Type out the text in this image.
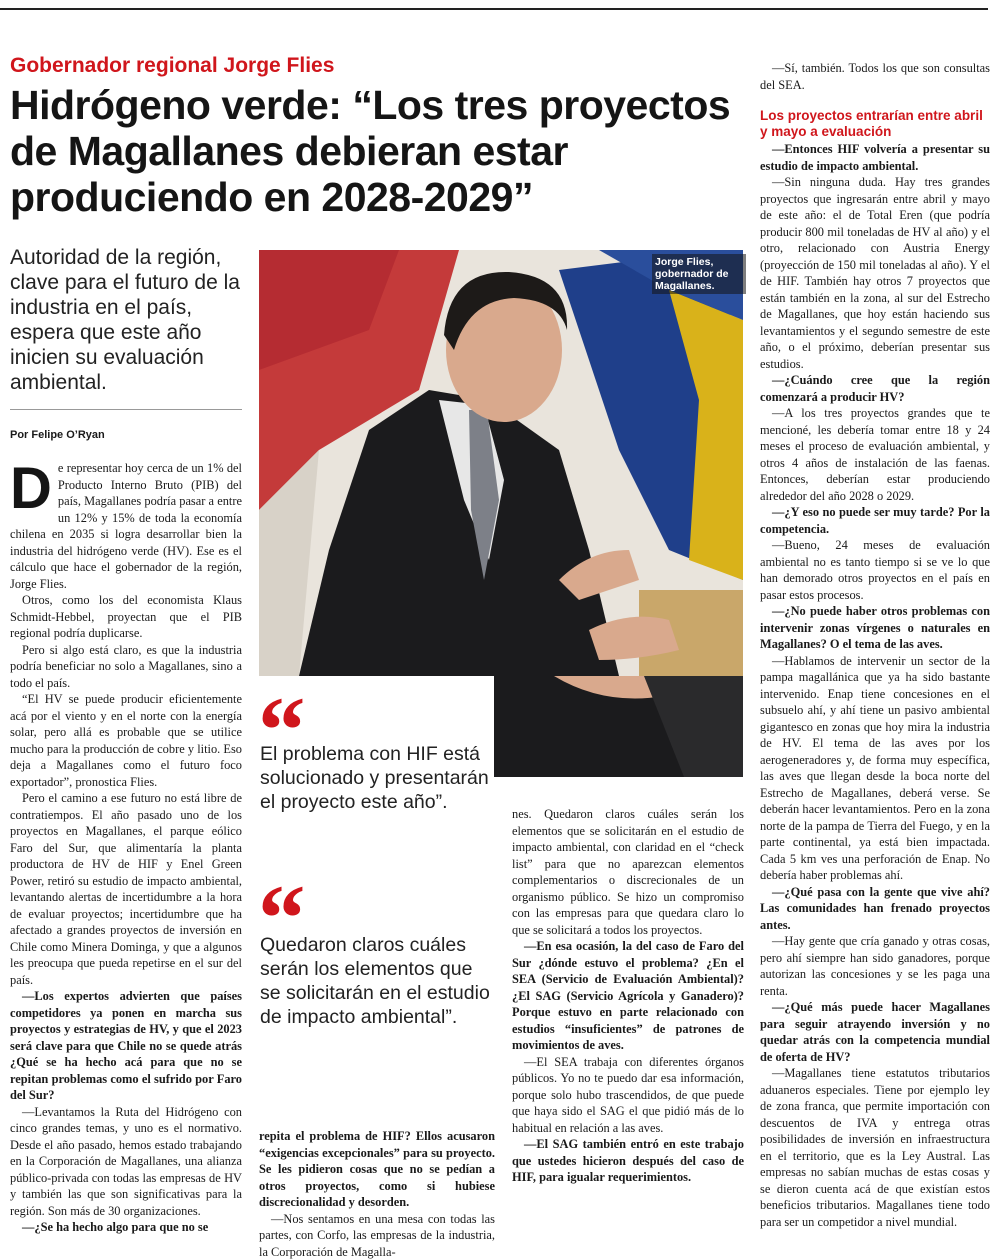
Gobernador regional Jorge Flies
Hidrógeno verde: “Los tres proyectos de Magallanes debieran estar produciendo en 2028-2029”
Autoridad de la región, clave para el futuro de la industria en el país, espera que este año inicien su evaluación ambiental.
Por Felipe O’Ryan
Jorge Flies, gobernador de Magallanes.
D e representar hoy cerca de un 1% del Producto Interno Bruto (PIB) del país, Magallanes podría pasar a entre un 12% y 15% de toda la economía chilena en 2035 si logra desarrollar bien la industria del hidrógeno verde (HV). Ese es el cálculo que hace el gobernador de la región, Jorge Flies.

Otros, como los del economista Klaus Schmidt-Hebbel, proyectan que el PIB regional podría duplicarse.

Pero si algo está claro, es que la industria podría beneficiar no solo a Magallanes, sino a todo el país.

“El HV se puede producir eficientemente acá por el viento y en el norte con la energía solar, pero allá es probable que se utilice mucho para la producción de cobre y litio. Eso deja a Magallanes como el futuro foco exportador”, pronostica Flies.

Pero el camino a ese futuro no está libre de contratiempos. El año pasado uno de los proyectos en Magallanes, el parque eólico Faro del Sur, que alimentaría la planta productora de HV de HIF y Enel Green Power, retiró su estudio de impacto ambiental, levantando alertas de incertidumbre a la hora de evaluar proyectos; incertidumbre que ha afectado a grandes proyectos de inversión en Chile como Minera Dominga, y que a algunos les preocupa que pueda repetirse en el sur del país.

—Los expertos advierten que países competidores ya ponen en marcha sus proyectos y estrategias de HV, y que el 2023 será clave para que Chile no se quede atrás ¿Qué se ha hecho acá para que no se repitan problemas como el sufrido por Faro del Sur?

—Levantamos la Ruta del Hidrógeno con cinco grandes temas, y uno es el normativo. Desde el año pasado, hemos estado trabajando en la Corporación de Magallanes, una alianza público-privada con todas las empresas de HV y también las que son significativas para la región. Son más de 30 organizaciones.

—¿Se ha hecho algo para que no se

“
El problema con HIF está solucionado y presentarán el proyecto este año”.
“
Quedaron claros cuáles serán los elementos que se solicitarán en el estudio de impacto ambiental”.

repita el problema de HIF? Ellos acusaron “exigencias excepcionales” para su proyecto. Se les pidieron cosas que no se pedían a otros proyectos, como si hubiese discrecionalidad y desorden.

—Nos sentamos en una mesa con todas las partes, con Corfo, las empresas de la industria, la Corporación de Magalla-

nes. Quedaron claros cuáles serán los elementos que se solicitarán en el estudio de impacto ambiental, con claridad en el “check list” para que no aparezcan elementos complementarios o discrecionales de un organismo público. Se hizo un compromiso con las empresas para que quedara claro lo que se solicitará a todos los proyectos.

—En esa ocasión, la del caso de Faro del Sur ¿dónde estuvo el problema? ¿En el SEA (Servicio de Evaluación Ambiental)? ¿El SAG (Servicio Agrícola y Ganadero)? Porque estuvo en parte relacionado con estudios “insuficientes” de patrones de movimientos de aves.

—El SEA trabaja con diferentes órganos públicos. Yo no te puedo dar esa información, porque solo hubo trascendidos, de que puede que haya sido el SAG el que pidió más de lo habitual en relación a las aves.

—El SAG también entró en este trabajo que ustedes hicieron después del caso de HIF, para igualar requerimientos.

—Sí, también. Todos los que son consultas del SEA.

Los proyectos entrarían entre abril y mayo a evaluación

—Entonces HIF volvería a presentar su estudio de impacto ambiental.

—Sin ninguna duda. Hay tres grandes proyectos que ingresarán entre abril y mayo de este año: el de Total Eren (que podría producir 800 mil toneladas de HV al año) y el otro, relacionado con Austria Energy (proyección de 150 mil toneladas al año). Y el de HIF. También hay otros 7 proyectos que están también en la zona, al sur del Estrecho de Magallanes, que hoy están haciendo sus levantamientos y el segundo semestre de este año, o el próximo, deberían presentar sus estudios.

—¿Cuándo cree que la región comenzará a producir HV?

—A los tres proyectos grandes que te mencioné, les debería tomar entre 18 y 24 meses el proceso de evaluación ambiental, y otros 4 años de instalación de las faenas. Entonces, deberían estar produciendo alrededor del año 2028 o 2029.

—¿Y eso no puede ser muy tarde? Por la competencia.

—Bueno, 24 meses de evaluación ambiental no es tanto tiempo si se ve lo que han demorado otros proyectos en el país en pasar estos procesos.

—¿No puede haber otros problemas con intervenir zonas vírgenes o naturales en Magallanes? O el tema de las aves.

—Hablamos de intervenir un sector de la pampa magallánica que ya ha sido bastante intervenido. Enap tiene concesiones en el subsuelo ahí, y ahí tiene un pasivo ambiental gigantesco en zonas que hoy mira la industria de HV. El tema de las aves por los aerogeneradores y, de forma muy específica, las aves que llegan desde la boca norte del Estrecho de Magallanes, deberá verse. Se deberán hacer levantamientos. Pero en la zona norte de la pampa de Tierra del Fuego, y en la parte continental, ya está bien impactada. Cada 5 km ves una perforación de Enap. No debería haber problemas ahí.

—¿Qué pasa con la gente que vive ahí? Las comunidades han frenado proyectos antes.

—Hay gente que cría ganado y otras cosas, pero ahí siempre han sido ganadores, porque autorizan las concesiones y se les paga una renta.

—¿Qué más puede hacer Magallanes para seguir atrayendo inversión y no quedar atrás con la competencia mundial de oferta de HV?

—Magallanes tiene estatutos tributarios aduaneros especiales. Tiene por ejemplo ley de zona franca, que permite importación con descuentos de IVA y entrega otras posibilidades de inversión en infraestructura en el territorio, que es la Ley Austral. Las empresas no sabían muchas de estas cosas y se dieron cuenta acá de que existían estos beneficios tributarios. Magallanes tiene todo para ser un competidor a nivel mundial.
